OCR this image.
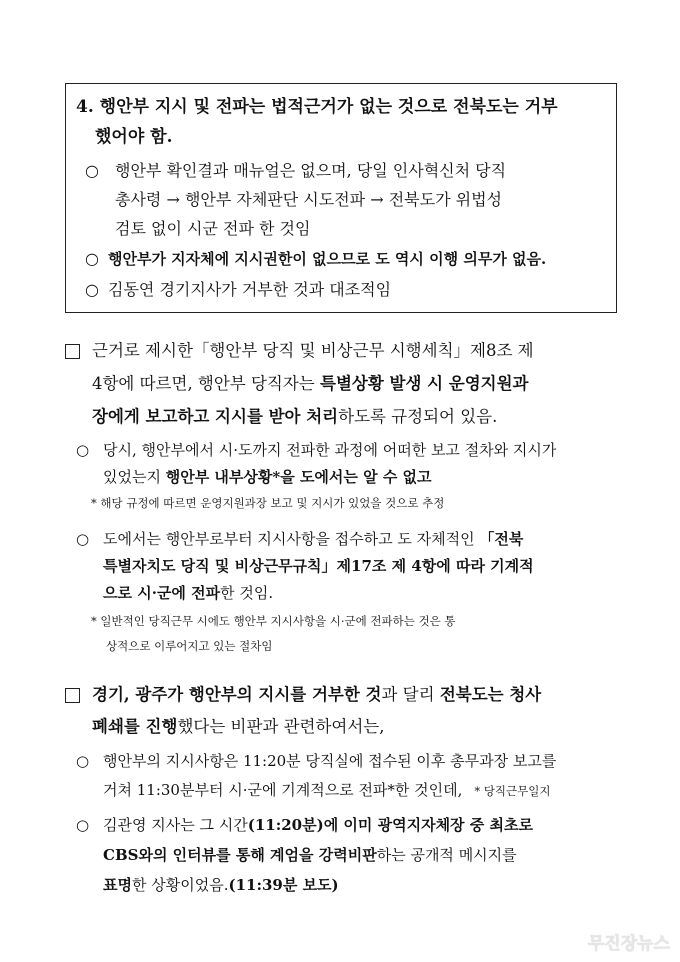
4. 행안부 지시 및 전파는 법적근거가 없는 것으로 전북도는 거부
했어야 함.
○ 행안부 확인결과 매뉴얼은 없으며, 당일 인사혁신처 당직
총사령 → 행안부 자체판단 시도전파 → 전북도가 위법성
검토 없이 시군 전파 한 것임
○ 행안부가 지자체에 지시권한이 없으므로 도 역시 이행 의무가 없음.
○ 김동연 경기지사가 거부한 것과 대조적임
근거로 제시한「행안부 당직 및 비상근무 시행세칙」제8조 제
4항에 따르면, 행안부 당직자는 특별상황 발생 시 운영지원과
장에게 보고하고 지시를 받아 처리하도록 규정되어 있음.
○ 당시, 행안부에서 시·도까지 전파한 과정에 어떠한 보고 절차와 지시가
있었는지 행안부 내부상황*을 도에서는 알 수 없고
* 해당 규정에 따르면 운영지원과장 보고 및 지시가 있었을 것으로 추정
○ 도에서는 행안부로부터 지시사항을 접수하고 도 자체적인 「전북
특별자치도 당직 및 비상근무규칙」제17조 제 4항에 따라 기계적
으로 시·군에 전파한 것임.
* 일반적인 당직근무 시에도 행안부 지시사항을 시·군에 전파하는 것은 통
상적으로 이루어지고 있는 절차임
경기, 광주가 행안부의 지시를 거부한 것과 달리 전북도는 청사
폐쇄를 진행했다는 비판과 관련하여서는,
○ 행안부의 지시사항은 11:20분 당직실에 접수된 이후 총무과장 보고를
거쳐 11:30분부터 시·군에 기계적으로 전파*한 것인데, * 당직근무일지
○ 김관영 지사는 그 시간(11:20분)에 이미 광역지자체장 중 최초로
CBS와의 인터뷰를 통해 계엄을 강력비판하는 공개적 메시지를
표명한 상황이었음.(11:39분 보도)
무진장뉴스
